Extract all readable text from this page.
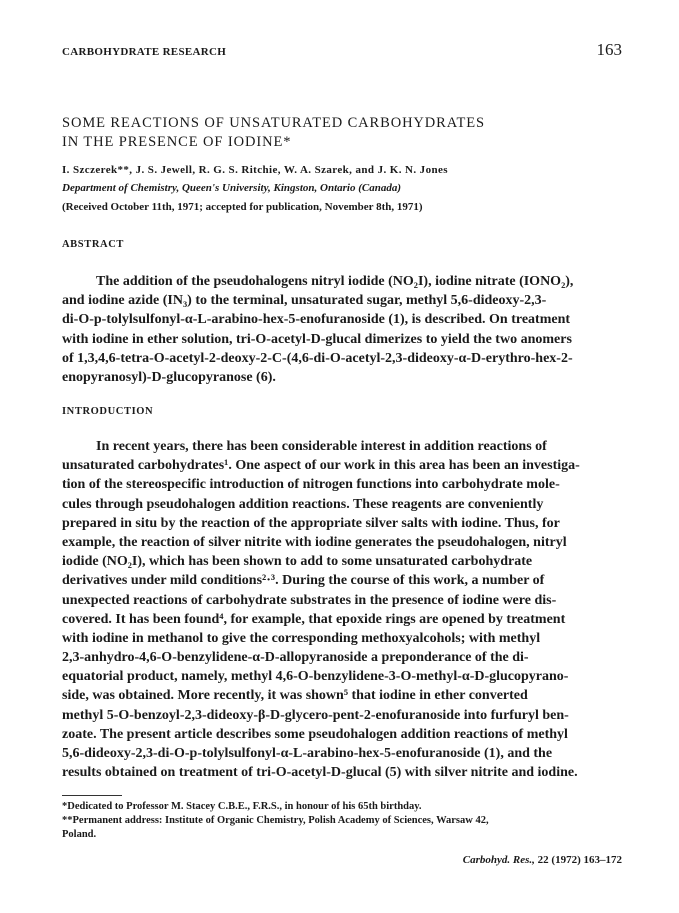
CARBOHYDRATE RESEARCH	163
SOME REACTIONS OF UNSATURATED CARBOHYDRATES
IN THE PRESENCE OF IODINE*
I. Szczerek**, J. S. Jewell, R. G. S. Ritchie, W. A. Szarek, and J. K. N. Jones
Department of Chemistry, Queen's University, Kingston, Ontario (Canada)
(Received October 11th, 1971; accepted for publication, November 8th, 1971)
ABSTRACT
The addition of the pseudohalogens nitryl iodide (NO₂I), iodine nitrate (IONO₂),
and iodine azide (IN₃) to the terminal, unsaturated sugar, methyl 5,6-dideoxy-2,3-
di-O-p-tolylsulfonyl-α-L-arabino-hex-5-enofuranoside (1), is described. On treatment
with iodine in ether solution, tri-O-acetyl-D-glucal dimerizes to yield the two anomers
of 1,3,4,6-tetra-O-acetyl-2-deoxy-2-C-(4,6-di-O-acetyl-2,3-dideoxy-α-D-erythro-hex-2-
enopyranosyl)-D-glucopyranose (6).
INTRODUCTION
In recent years, there has been considerable interest in addition reactions of
unsaturated carbohydrates¹. One aspect of our work in this area has been an investiga-
tion of the stereospecific introduction of nitrogen functions into carbohydrate mole-
cules through pseudohalogen addition reactions. These reagents are conveniently
prepared in situ by the reaction of the appropriate silver salts with iodine. Thus, for
example, the reaction of silver nitrite with iodine generates the pseudohalogen, nitryl
iodide (NO₂I), which has been shown to add to some unsaturated carbohydrate
derivatives under mild conditions²·³. During the course of this work, a number of
unexpected reactions of carbohydrate substrates in the presence of iodine were dis-
covered. It has been found⁴, for example, that epoxide rings are opened by treatment
with iodine in methanol to give the corresponding methoxyalcohols; with methyl
2,3-anhydro-4,6-O-benzylidene-α-D-allopyranoside a preponderance of the di-
equatorial product, namely, methyl 4,6-O-benzylidene-3-O-methyl-α-D-glucopyrano-
side, was obtained. More recently, it was shown⁵ that iodine in ether converted
methyl 5-O-benzoyl-2,3-dideoxy-β-D-glycero-pent-2-enofuranoside into furfuryl ben-
zoate. The present article describes some pseudohalogen addition reactions of methyl
5,6-dideoxy-2,3-di-O-p-tolylsulfonyl-α-L-arabino-hex-5-enofuranoside (1), and the
results obtained on treatment of tri-O-acetyl-D-glucal (5) with silver nitrite and iodine.
*Dedicated to Professor M. Stacey C.B.E., F.R.S., in honour of his 65th birthday.
**Permanent address: Institute of Organic Chemistry, Polish Academy of Sciences, Warsaw 42,
Poland.
Carbohyd. Res., 22 (1972) 163–172
